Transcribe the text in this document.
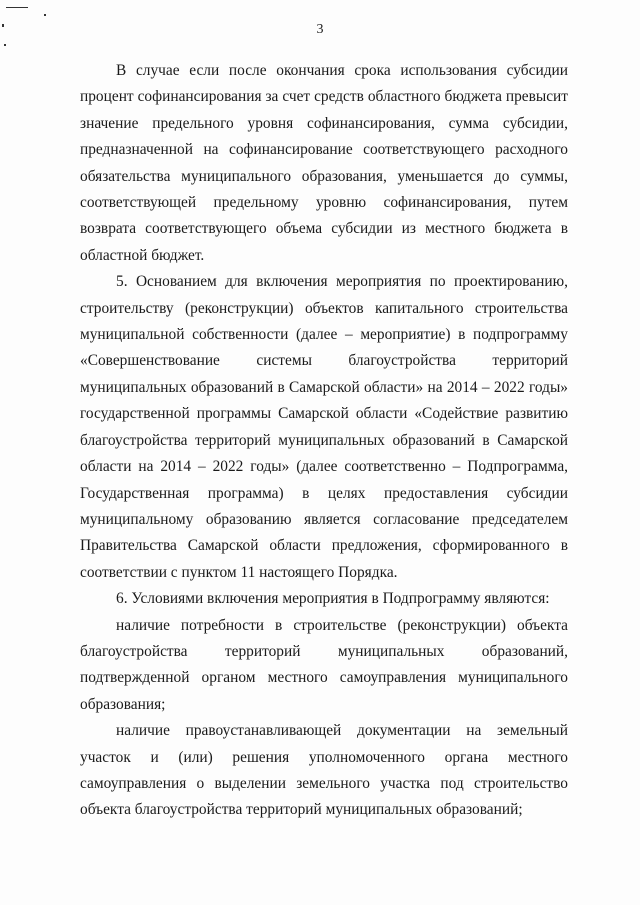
3

В случае если после окончания срока использования субсидии процент софинансирования за счет средств областного бюджета превысит значение предельного уровня софинансирования, сумма субсидии, предназначенной на софинансирование соответствующего расходного обязательства муниципального образования, уменьшается до суммы, соответствующей предельному уровню софинансирования, путем возврата соответствующего объема субсидии из местного бюджета в областной бюджет.

5. Основанием для включения мероприятия по проектированию, строительству (реконструкции) объектов капитального строительства муниципальной собственности (далее – мероприятие) в подпрограмму «Совершенствование системы благоустройства территорий муниципальных образований в Самарской области» на 2014 – 2022 годы» государственной программы Самарской области «Содействие развитию благоустройства территорий муниципальных образований в Самарской области на 2014 – 2022 годы» (далее соответственно – Подпрограмма, Государственная программа) в целях предоставления субсидии муниципальному образованию является согласование председателем Правительства Самарской области предложения, сформированного в соответствии с пунктом 11 настоящего Порядка.

6. Условиями включения мероприятия в Подпрограмму являются:

наличие потребности в строительстве (реконструкции) объекта благоустройства территорий муниципальных образований, подтвержденной органом местного самоуправления муниципального образования;

наличие правоустанавливающей документации на земельный участок и (или) решения уполномоченного органа местного самоуправления о выделении земельного участка под строительство объекта благоустройства территорий муниципальных образований;
